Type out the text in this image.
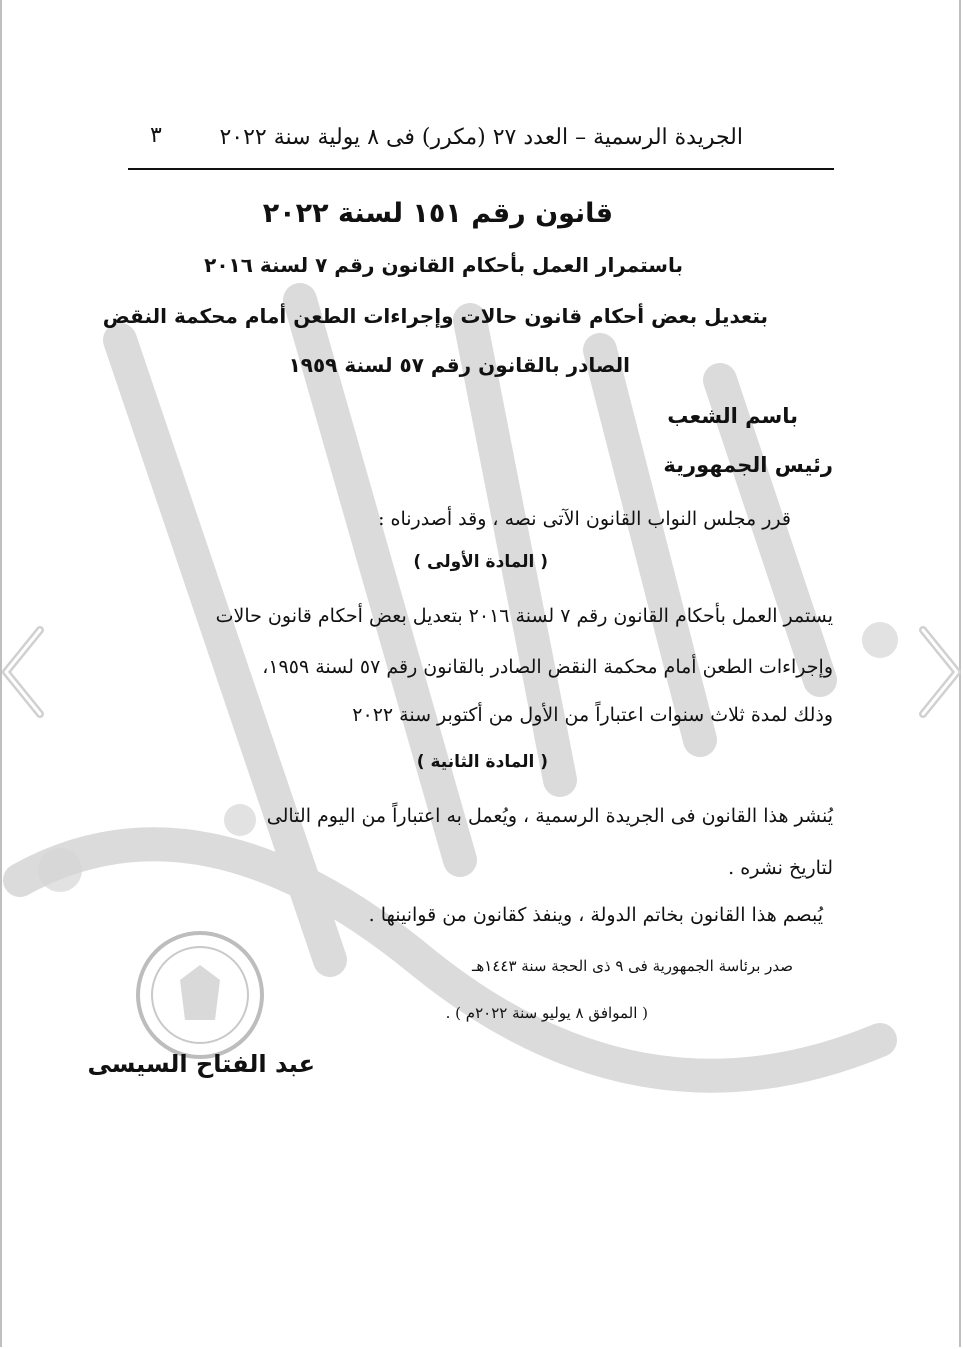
الجريدة الرسمية – العدد ٢٧ (مكرر) فى ٨ يولية سنة ٢٠٢٢
٣
قانون رقم ١٥١ لسنة ٢٠٢٢
باستمرار العمل بأحكام القانون رقم ٧ لسنة ٢٠١٦
بتعديل بعض أحكام قانون حالات وإجراءات الطعن أمام محكمة النقض
الصادر بالقانون رقم ٥٧ لسنة ١٩٥٩
باسم الشعب
رئيس الجمهورية
قرر مجلس النواب القانون الآتى نصه ، وقد أصدرناه :
( المادة الأولى )
يستمر العمل بأحكام القانون رقم ٧ لسنة ٢٠١٦ بتعديل بعض أحكام قانون حالات
وإجراءات الطعن أمام محكمة النقض الصادر بالقانون رقم ٥٧ لسنة ١٩٥٩،
وذلك لمدة ثلاث سنوات اعتباراً من الأول من أكتوبر سنة ٢٠٢٢
( المادة الثانية )
يُنشر هذا القانون فى الجريدة الرسمية ، ويُعمل به اعتباراً من اليوم التالى
لتاريخ نشره .
يُبصم هذا القانون بخاتم الدولة ، وينفذ كقانون من قوانينها .
صدر برئاسة الجمهورية فى ٩ ذى الحجة سنة ١٤٤٣هـ
( الموافق ٨ يوليو سنة ٢٠٢٢م ) .
عبد الفتاح السيسى
